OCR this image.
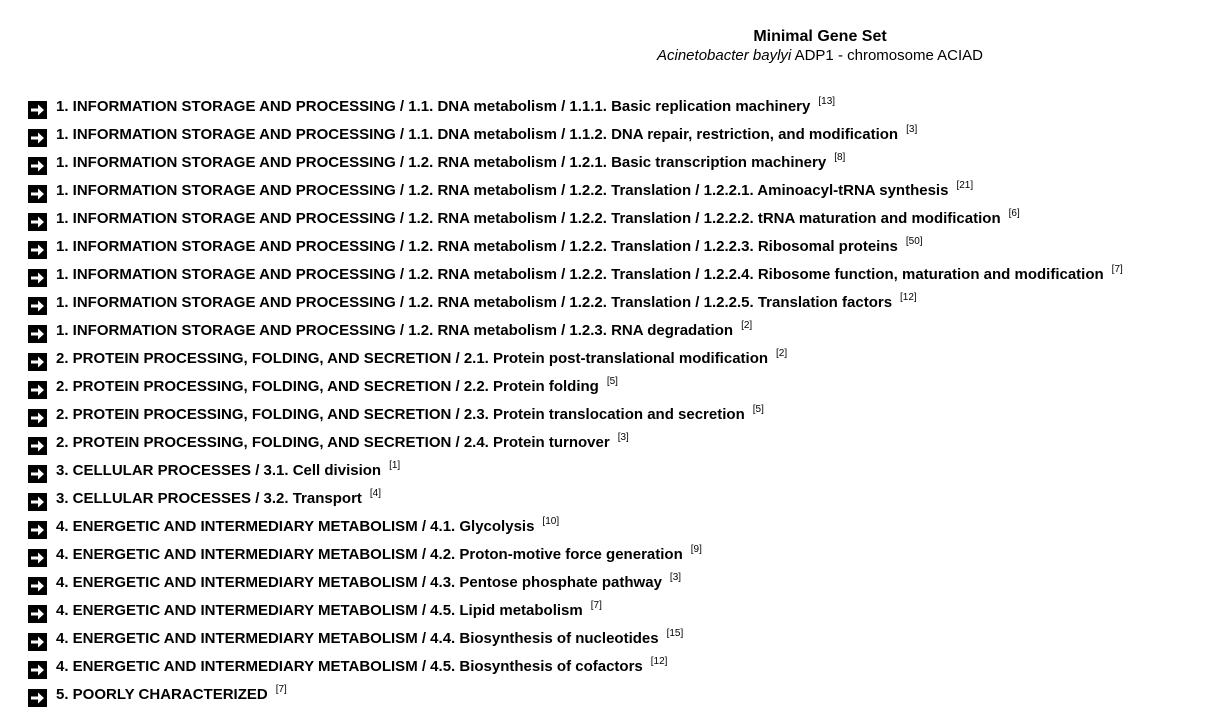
Minimal Gene Set
Acinetobacter baylyi ADP1 - chromosome ACIAD
1. INFORMATION STORAGE AND PROCESSING / 1.1. DNA metabolism / 1.1.1. Basic replication machinery [13]
1. INFORMATION STORAGE AND PROCESSING / 1.1. DNA metabolism / 1.1.2. DNA repair, restriction, and modification [3]
1. INFORMATION STORAGE AND PROCESSING / 1.2. RNA metabolism / 1.2.1. Basic transcription machinery [8]
1. INFORMATION STORAGE AND PROCESSING / 1.2. RNA metabolism / 1.2.2. Translation / 1.2.2.1. Aminoacyl-tRNA synthesis [21]
1. INFORMATION STORAGE AND PROCESSING / 1.2. RNA metabolism / 1.2.2. Translation / 1.2.2.2. tRNA maturation and modification [6]
1. INFORMATION STORAGE AND PROCESSING / 1.2. RNA metabolism / 1.2.2. Translation / 1.2.2.3. Ribosomal proteins [50]
1. INFORMATION STORAGE AND PROCESSING / 1.2. RNA metabolism / 1.2.2. Translation / 1.2.2.4. Ribosome function, maturation and modification [7]
1. INFORMATION STORAGE AND PROCESSING / 1.2. RNA metabolism / 1.2.2. Translation / 1.2.2.5. Translation factors [12]
1. INFORMATION STORAGE AND PROCESSING / 1.2. RNA metabolism / 1.2.3. RNA degradation [2]
2. PROTEIN PROCESSING, FOLDING, AND SECRETION / 2.1. Protein post-translational modification [2]
2. PROTEIN PROCESSING, FOLDING, AND SECRETION / 2.2. Protein folding [5]
2. PROTEIN PROCESSING, FOLDING, AND SECRETION / 2.3. Protein translocation and secretion [5]
2. PROTEIN PROCESSING, FOLDING, AND SECRETION / 2.4. Protein turnover [3]
3. CELLULAR PROCESSES / 3.1. Cell division [1]
3. CELLULAR PROCESSES / 3.2. Transport [4]
4. ENERGETIC AND INTERMEDIARY METABOLISM / 4.1. Glycolysis [10]
4. ENERGETIC AND INTERMEDIARY METABOLISM / 4.2. Proton-motive force generation [9]
4. ENERGETIC AND INTERMEDIARY METABOLISM / 4.3. Pentose phosphate pathway [3]
4. ENERGETIC AND INTERMEDIARY METABOLISM / 4.5. Lipid metabolism [7]
4. ENERGETIC AND INTERMEDIARY METABOLISM / 4.4. Biosynthesis of nucleotides [15]
4. ENERGETIC AND INTERMEDIARY METABOLISM / 4.5. Biosynthesis of cofactors [12]
5. POORLY CHARACTERIZED [7]
